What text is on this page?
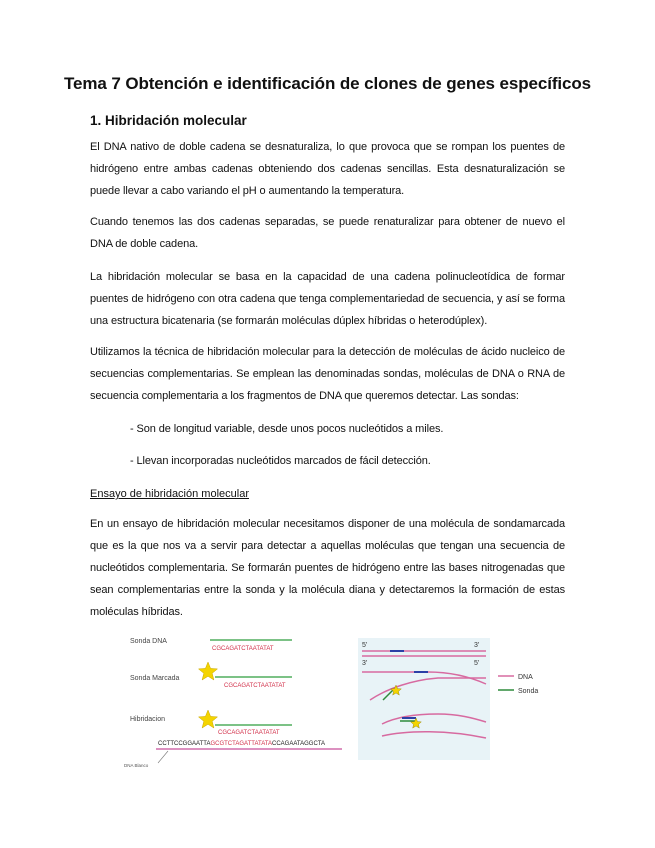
Tema 7 Obtención e identificación de clones de genes específicos
1. Hibridación molecular
El DNA nativo de doble cadena se desnaturaliza, lo que provoca que se rompan los puentes de hidrógeno entre ambas cadenas obteniendo dos cadenas sencillas. Esta desnaturalización se puede llevar a cabo variando el pH o aumentando la temperatura.
Cuando tenemos las dos cadenas separadas, se puede renaturalizar para obtener de nuevo el DNA de doble cadena.
La hibridación molecular se basa en la capacidad de una cadena polinucleotídica de formar puentes de hidrógeno con otra cadena que tenga complementariedad de secuencia, y así se forma una estructura bicatenaria (se formarán moléculas dúplex híbridas o heterodúplex).
Utilizamos la técnica de hibridación molecular para la detección de moléculas de ácido nucleico de secuencias complementarias. Se emplean las denominadas sondas, moléculas de DNA o RNA de secuencia complementaria a los fragmentos de DNA que queremos detectar. Las sondas:
- Son de longitud variable, desde unos pocos nucleótidos a miles.
- Llevan incorporadas nucleótidos marcados de fácil detección.
Ensayo de hibridación molecular
En un ensayo de hibridación molecular necesitamos disponer de una molécula de sondamarcada que es la que nos va a servir para detectar a aquellas moléculas que tengan una secuencia de nucleótidos complementaria. Se formarán puentes de hidrógeno entre las bases nitrogenadas que sean complementarias entre la sonda y la molécula diana y detectaremos la formación de estas moléculas híbridas.
Sonda DNA
CGCAGATCTAATATAT
Sonda Marcada
CGCAGATCTAATATAT
Hibridacion
CGCAGATCTAATATAT
CCTTCCGGAATTAGCGTCTAGATTATATACCAGAATAGGCTA
DNA Blanco
5'	3'
3'	5'
DNA
Sonda
